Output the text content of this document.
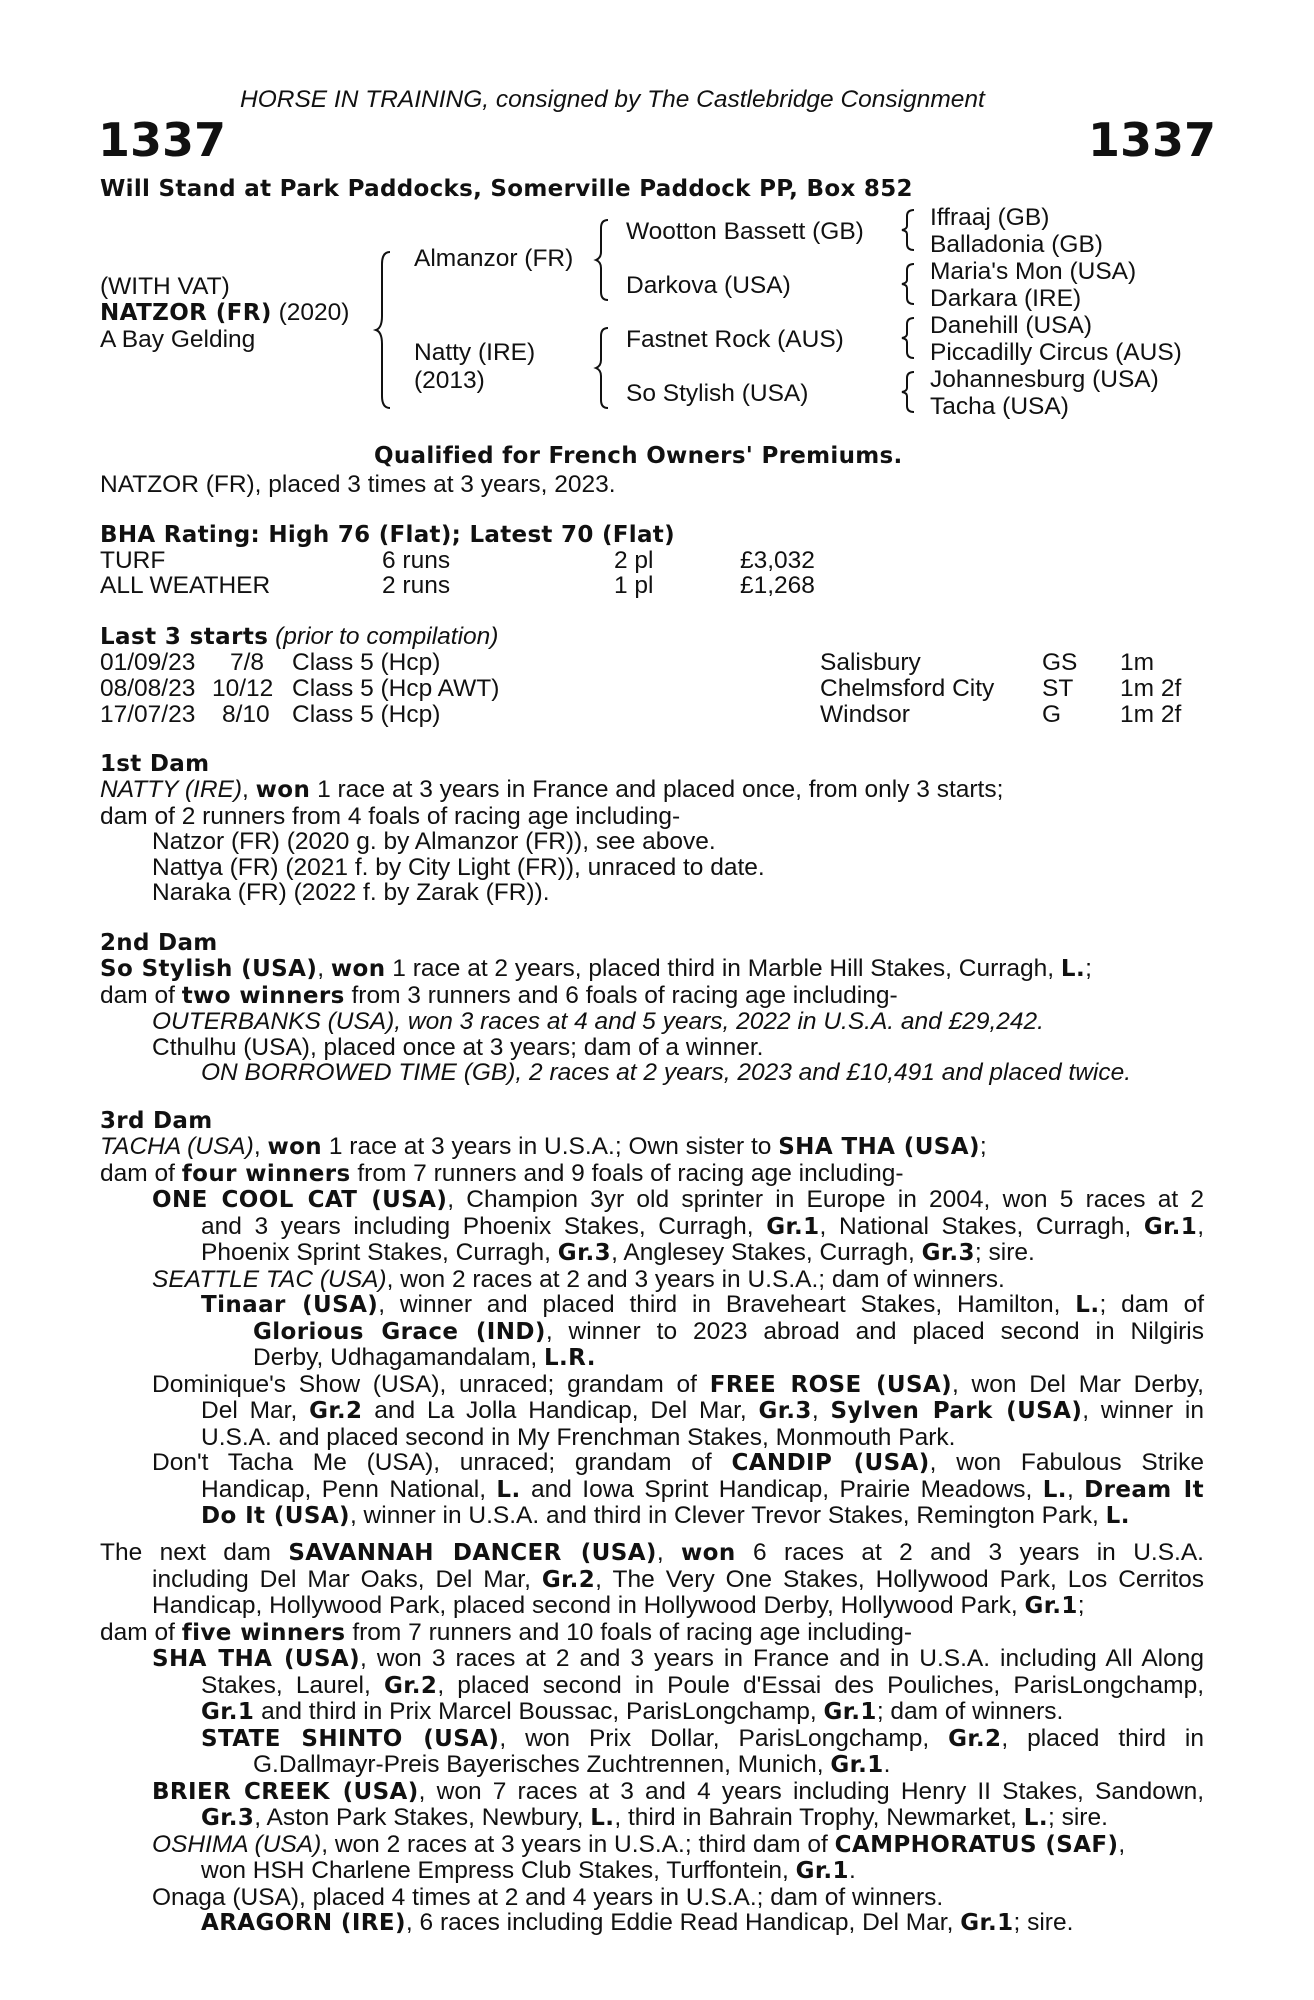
HORSE IN TRAINING, consigned by The Castlebridge Consignment
1337	1337
Will Stand at Park Paddocks, Somerville Paddock PP, Box 852
(WITH VAT)
NATZOR (FR) (2020)
A Bay Gelding
Almanzor (FR)
Natty (IRE)
(2013)
Wootton Bassett (GB)
Darkova (USA)
Fastnet Rock (AUS)
So Stylish (USA)
Iffraaj (GB)
Balladonia (GB)
Maria's Mon (USA)
Darkara (IRE)
Danehill (USA)
Piccadilly Circus (AUS)
Johannesburg (USA)
Tacha (USA)
Qualified for French Owners' Premiums.
NATZOR (FR), placed 3 times at 3 years, 2023.
BHA Rating: High 76 (Flat); Latest 70 (Flat)
TURF	6 runs	2 pl	£3,032
ALL WEATHER	2 runs	1 pl	£1,268
Last 3 starts (prior to compilation)
01/09/23 7/8 Class 5 (Hcp)	Salisbury	GS 1m
08/08/23 10/12 Class 5 (Hcp AWT)	Chelmsford City ST 1m 2f
17/07/23 8/10 Class 5 (Hcp)	Windsor	G 1m 2f
1st Dam
NATTY (IRE), won 1 race at 3 years in France and placed once, from only 3 starts;
dam of 2 runners from 4 foals of racing age including-
Natzor (FR) (2020 g. by Almanzor (FR)), see above.
Nattya (FR) (2021 f. by City Light (FR)), unraced to date.
Naraka (FR) (2022 f. by Zarak (FR)).
2nd Dam
So Stylish (USA), won 1 race at 2 years, placed third in Marble Hill Stakes, Curragh, L.;
dam of two winners from 3 runners and 6 foals of racing age including-
OUTERBANKS (USA), won 3 races at 4 and 5 years, 2022 in U.S.A. and £29,242.
Cthulhu (USA), placed once at 3 years; dam of a winner.
ON BORROWED TIME (GB), 2 races at 2 years, 2023 and £10,491 and placed twice.
3rd Dam
TACHA (USA), won 1 race at 3 years in U.S.A.; Own sister to SHA THA (USA);
dam of four winners from 7 runners and 9 foals of racing age including-
ONE COOL CAT (USA), Champion 3yr old sprinter in Europe in 2004, won 5 races at 2
and 3 years including Phoenix Stakes, Curragh, Gr.1, National Stakes, Curragh, Gr.1,
Phoenix Sprint Stakes, Curragh, Gr.3, Anglesey Stakes, Curragh, Gr.3; sire.
SEATTLE TAC (USA), won 2 races at 2 and 3 years in U.S.A.; dam of winners.
Tinaar (USA), winner and placed third in Braveheart Stakes, Hamilton, L.; dam of
Glorious Grace (IND), winner to 2023 abroad and placed second in Nilgiris
Derby, Udhagamandalam, L.R.
Dominique's Show (USA), unraced; grandam of FREE ROSE (USA), won Del Mar Derby,
Del Mar, Gr.2 and La Jolla Handicap, Del Mar, Gr.3, Sylven Park (USA), winner in
U.S.A. and placed second in My Frenchman Stakes, Monmouth Park.
Don't Tacha Me (USA), unraced; grandam of CANDIP (USA), won Fabulous Strike
Handicap, Penn National, L. and Iowa Sprint Handicap, Prairie Meadows, L., Dream It
Do It (USA), winner in U.S.A. and third in Clever Trevor Stakes, Remington Park, L.
The next dam SAVANNAH DANCER (USA), won 6 races at 2 and 3 years in U.S.A.
including Del Mar Oaks, Del Mar, Gr.2, The Very One Stakes, Hollywood Park, Los Cerritos
Handicap, Hollywood Park, placed second in Hollywood Derby, Hollywood Park, Gr.1;
dam of five winners from 7 runners and 10 foals of racing age including-
SHA THA (USA), won 3 races at 2 and 3 years in France and in U.S.A. including All Along
Stakes, Laurel, Gr.2, placed second in Poule d'Essai des Pouliches, ParisLongchamp,
Gr.1 and third in Prix Marcel Boussac, ParisLongchamp, Gr.1; dam of winners.
STATE SHINTO (USA), won Prix Dollar, ParisLongchamp, Gr.2, placed third in
G.Dallmayr-Preis Bayerisches Zuchtrennen, Munich, Gr.1.
BRIER CREEK (USA), won 7 races at 3 and 4 years including Henry II Stakes, Sandown,
Gr.3, Aston Park Stakes, Newbury, L., third in Bahrain Trophy, Newmarket, L.; sire.
OSHIMA (USA), won 2 races at 3 years in U.S.A.; third dam of CAMPHORATUS (SAF),
won HSH Charlene Empress Club Stakes, Turffontein, Gr.1.
Onaga (USA), placed 4 times at 2 and 4 years in U.S.A.; dam of winners.
ARAGORN (IRE), 6 races including Eddie Read Handicap, Del Mar, Gr.1; sire.
